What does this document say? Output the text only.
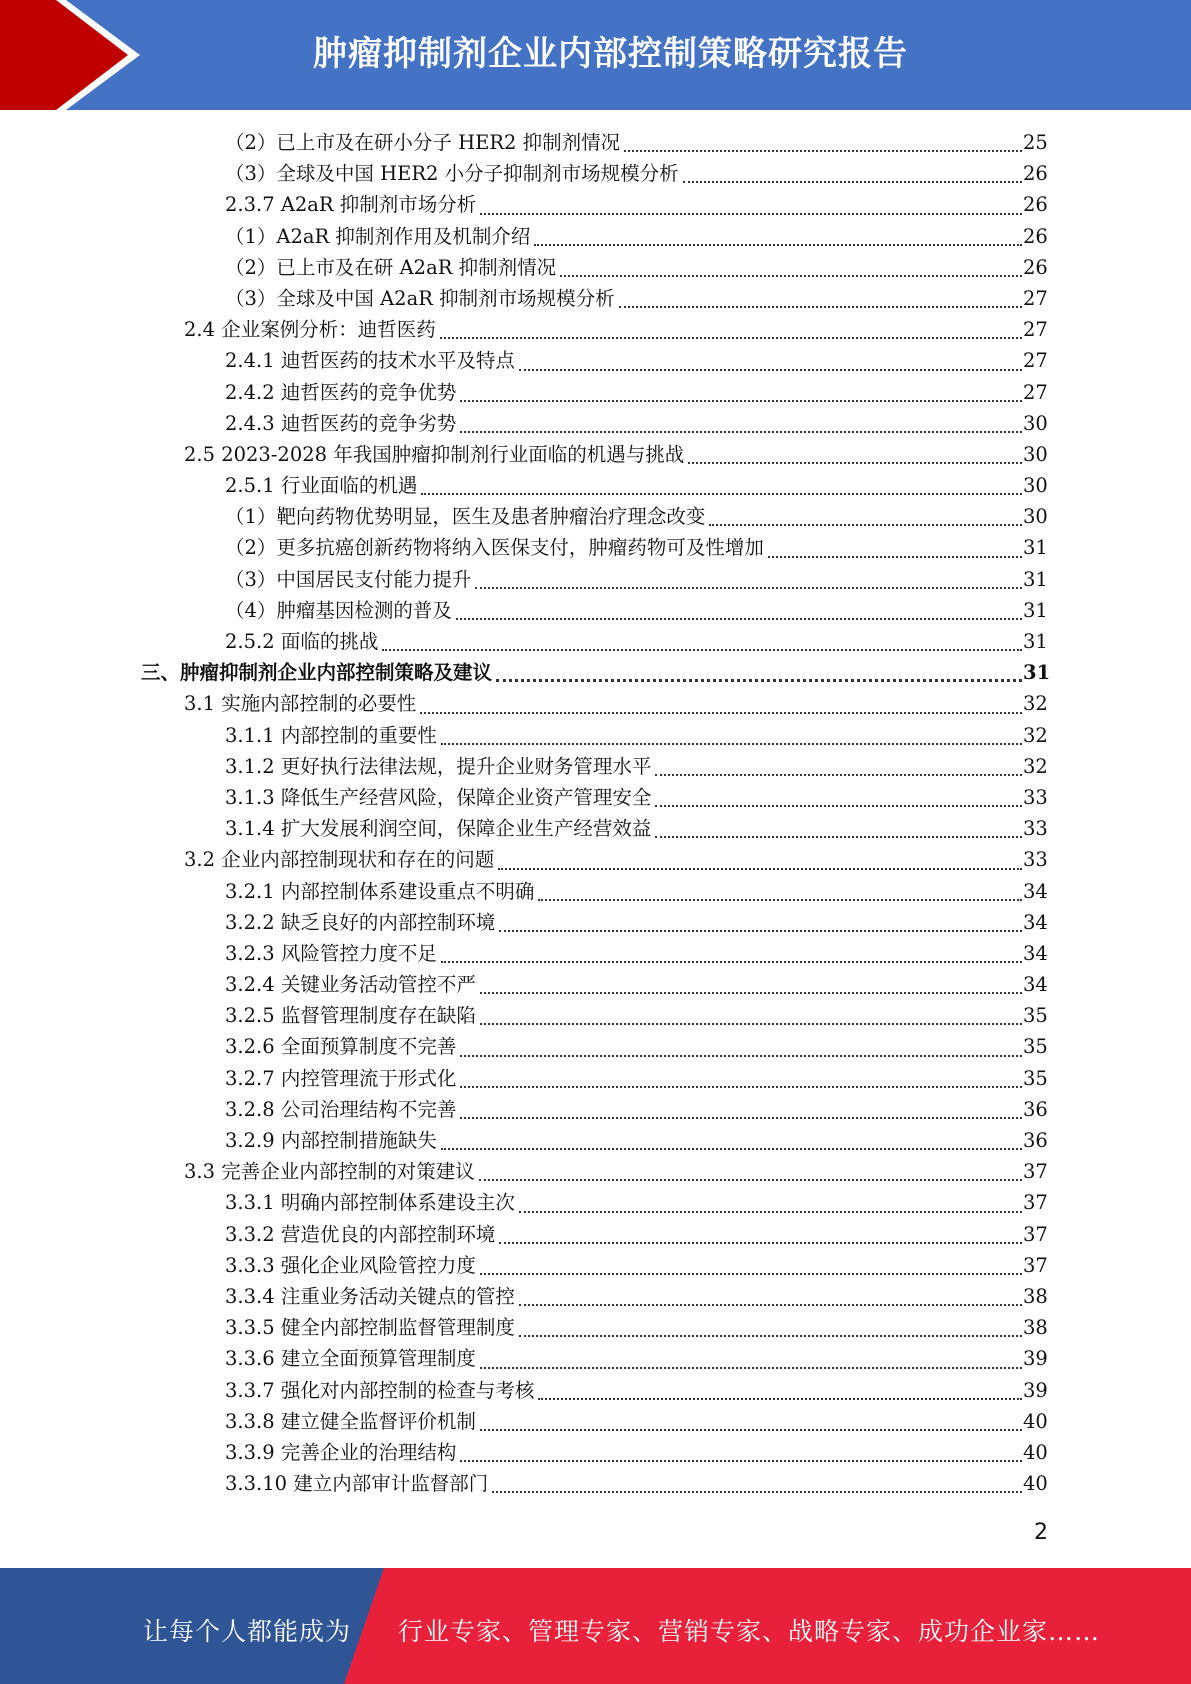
肿瘤抑制剂企业内部控制策略研究报告
（2）已上市及在研小分子 HER2 抑制剂情况	25
（3）全球及中国 HER2 小分子抑制剂市场规模分析	26
2.3.7 A2aR 抑制剂市场分析	26
（1）A2aR 抑制剂作用及机制介绍	26
（2）已上市及在研 A2aR 抑制剂情况	26
（3）全球及中国 A2aR 抑制剂市场规模分析	27
2.4 企业案例分析：迪哲医药	27
2.4.1 迪哲医药的技术水平及特点	27
2.4.2 迪哲医药的竞争优势	27
2.4.3 迪哲医药的竞争劣势	30
2.5 2023-2028 年我国肿瘤抑制剂行业面临的机遇与挑战	30
2.5.1 行业面临的机遇	30
（1）靶向药物优势明显，医生及患者肿瘤治疗理念改变	30
（2）更多抗癌创新药物将纳入医保支付，肿瘤药物可及性增加	31
（3）中国居民支付能力提升	31
（4）肿瘤基因检测的普及	31
2.5.2 面临的挑战	31
三、肿瘤抑制剂企业内部控制策略及建议	31
3.1 实施内部控制的必要性	32
3.1.1 内部控制的重要性	32
3.1.2 更好执行法律法规，提升企业财务管理水平	32
3.1.3 降低生产经营风险，保障企业资产管理安全	33
3.1.4 扩大发展利润空间，保障企业生产经营效益	33
3.2 企业内部控制现状和存在的问题	33
3.2.1 内部控制体系建设重点不明确	34
3.2.2 缺乏良好的内部控制环境	34
3.2.3 风险管控力度不足	34
3.2.4 关键业务活动管控不严	34
3.2.5 监督管理制度存在缺陷	35
3.2.6 全面预算制度不完善	35
3.2.7 内控管理流于形式化	35
3.2.8 公司治理结构不完善	36
3.2.9 内部控制措施缺失	36
3.3 完善企业内部控制的对策建议	37
3.3.1 明确内部控制体系建设主次	37
3.3.2 营造优良的内部控制环境	37
3.3.3 强化企业风险管控力度	37
3.3.4 注重业务活动关键点的管控	38
3.3.5 健全内部控制监督管理制度	38
3.3.6 建立全面预算管理制度	39
3.3.7 强化对内部控制的检查与考核	39
3.3.8 建立健全监督评价机制	40
3.3.9 完善企业的治理结构	40
3.3.10 建立内部审计监督部门	40
2
让每个人都能成为 行业专家、管理专家、营销专家、战略专家、成功企业家……
